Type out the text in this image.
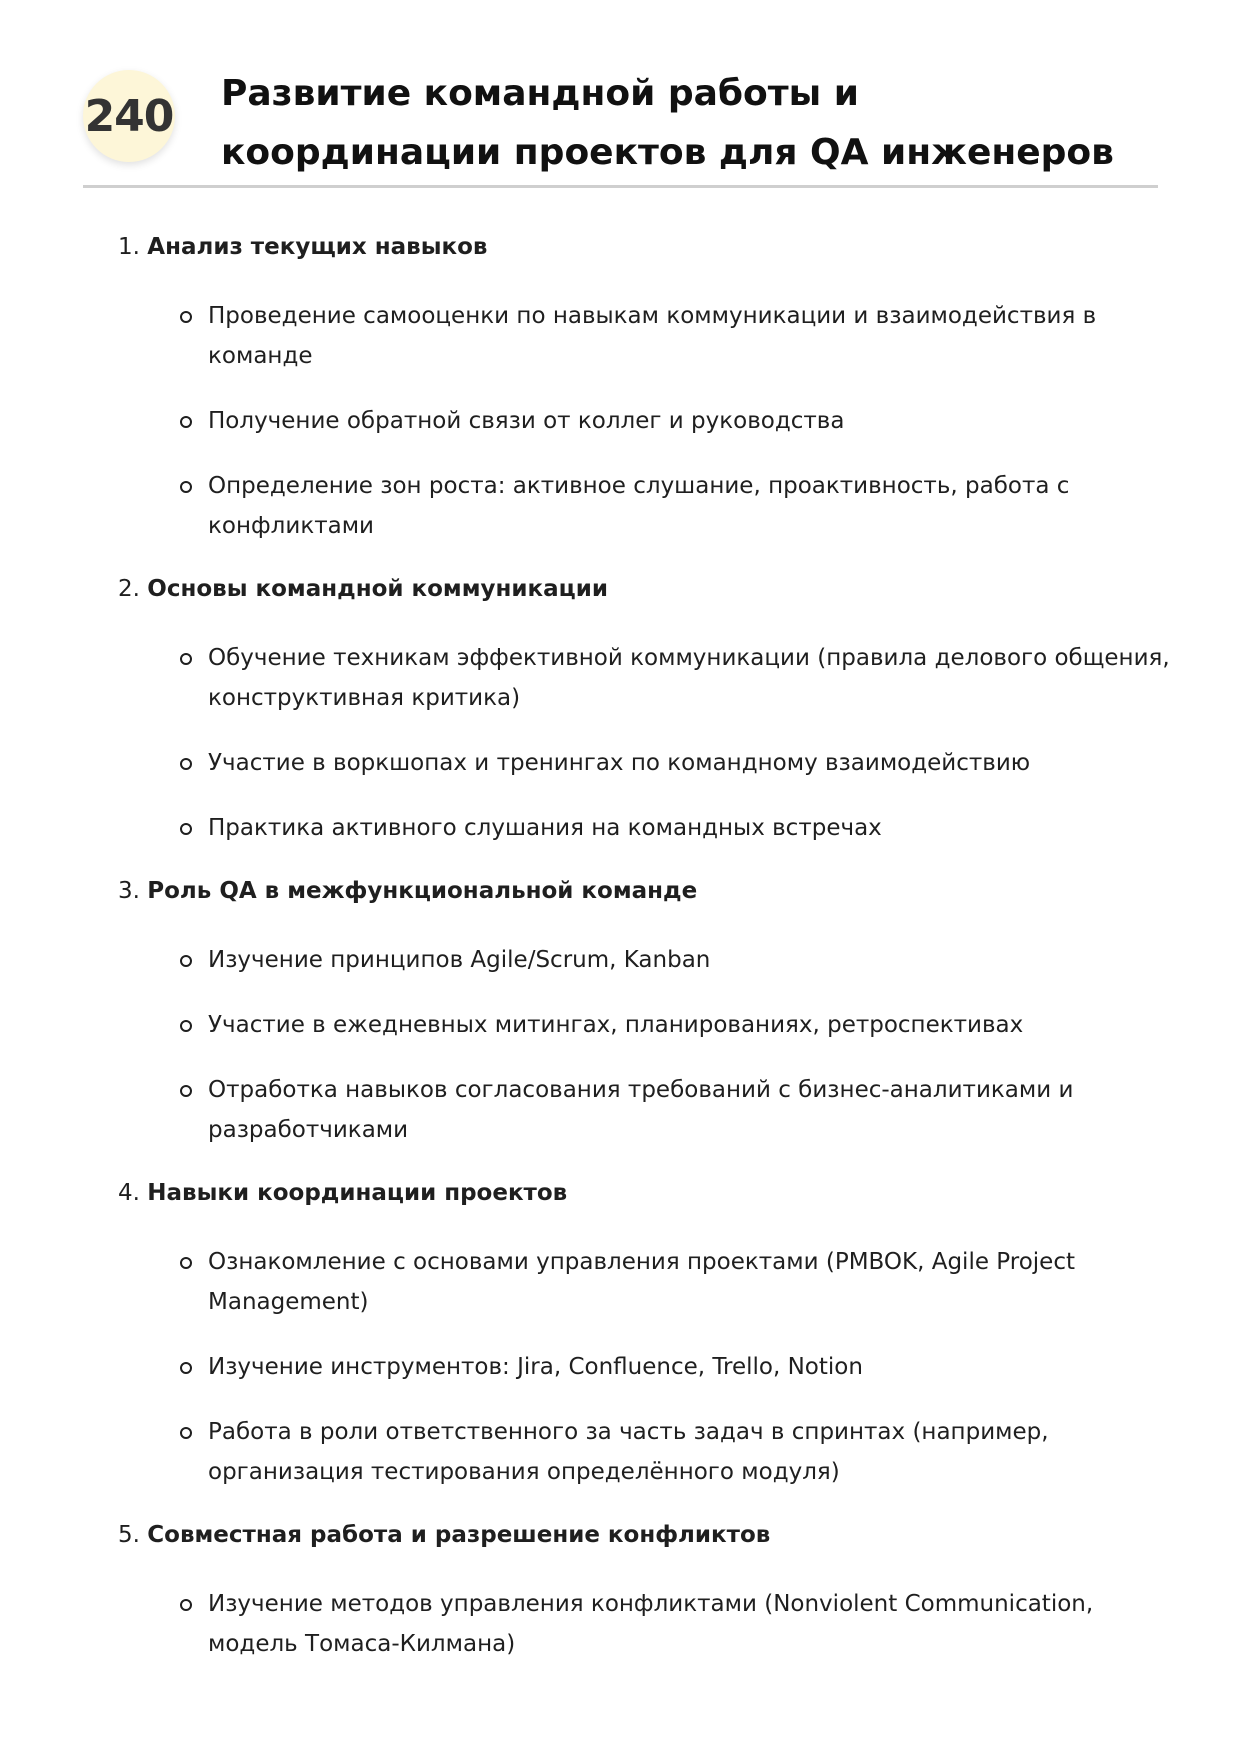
240 Развитие командной работы и координации проектов для QA инженеров
1. Анализ текущих навыков
Проведение самооценки по навыкам коммуникации и взаимодействия в команде
Получение обратной связи от коллег и руководства
Определение зон роста: активное слушание, проактивность, работа с конфликтами
2. Основы командной коммуникации
Обучение техникам эффективной коммуникации (правила делового общения, конструктивная критика)
Участие в воркшопах и тренингах по командному взаимодействию
Практика активного слушания на командных встречах
3. Роль QA в межфункциональной команде
Изучение принципов Agile/Scrum, Kanban
Участие в ежедневных митингах, планированиях, ретроспективах
Отработка навыков согласования требований с бизнес-аналитиками и разработчиками
4. Навыки координации проектов
Ознакомление с основами управления проектами (PMBOK, Agile Project Management)
Изучение инструментов: Jira, Confluence, Trello, Notion
Работа в роли ответственного за часть задач в спринтах (например, организация тестирования определённого модуля)
5. Совместная работа и разрешение конфликтов
Изучение методов управления конфликтами (Nonviolent Communication, модель Томаса-Килмана)
